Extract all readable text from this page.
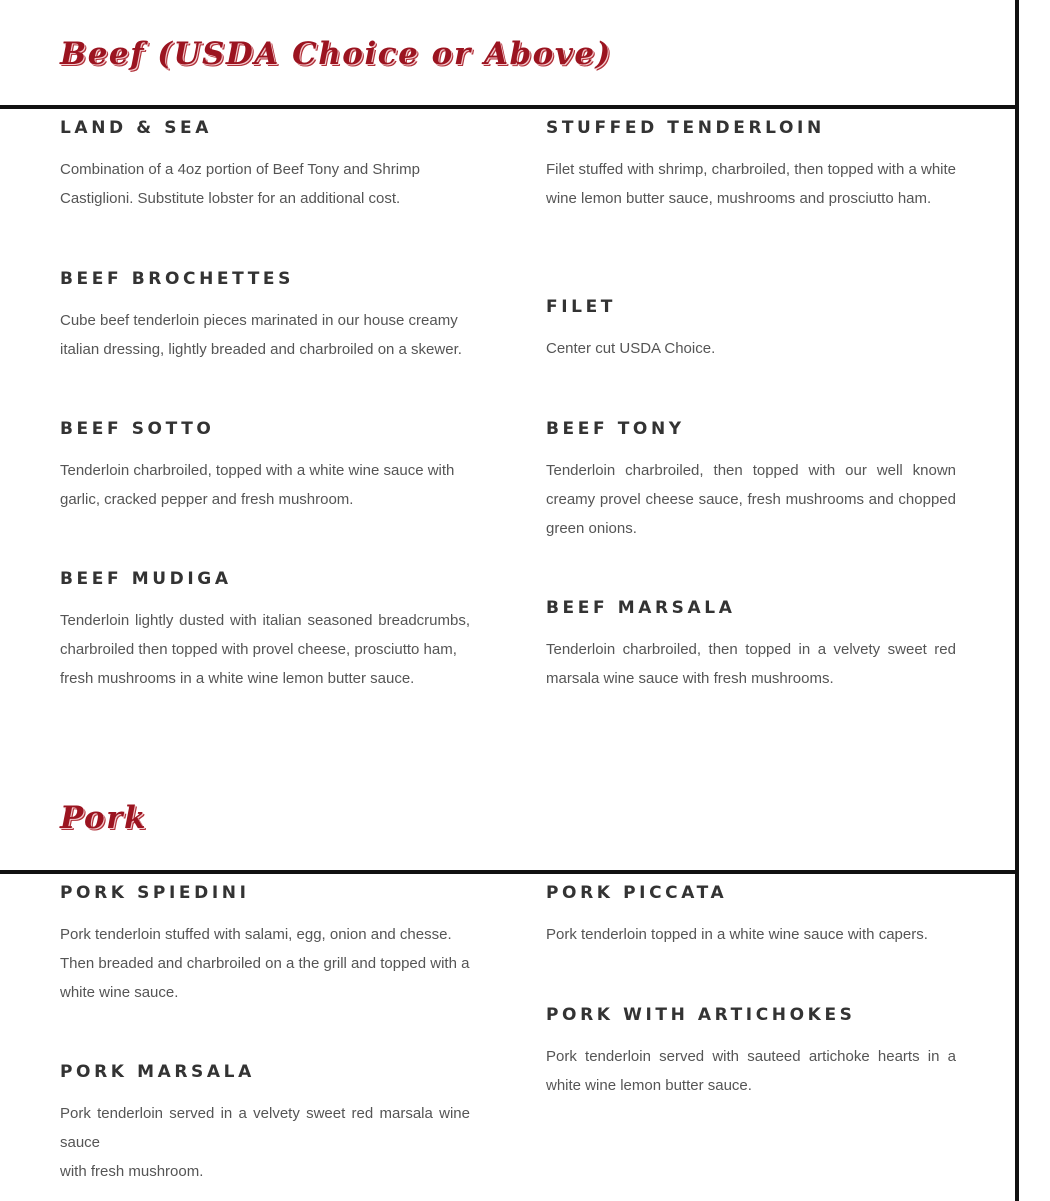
Beef (USDA Choice or Above)
LAND & SEA

Combination of a 4oz portion of Beef Tony and Shrimp Castiglioni. Substitute lobster for an additional cost.

STUFFED TENDERLOIN

Filet stuffed with shrimp, charbroiled, then topped with a white wine lemon butter sauce, mushrooms and prosciutto ham.

BEEF BROCHETTES

Cube beef tenderloin pieces marinated in our house creamy italian dressing, lightly breaded and charbroiled on a skewer.

FILET

Center cut USDA Choice.

BEEF SOTTO

Tenderloin charbroiled, topped with a white wine sauce with garlic, cracked pepper and fresh mushroom.

BEEF TONY

Tenderloin charbroiled, then topped with our well known creamy provel cheese sauce, fresh mushrooms and chopped green onions.

BEEF MUDIGA

Tenderloin lightly dusted with italian seasoned breadcrumbs,
charbroiled then topped with provel cheese, prosciutto ham, fresh mushrooms in a white wine lemon butter sauce.

BEEF MARSALA

Tenderloin charbroiled, then topped in a velvety sweet red marsala wine sauce with fresh mushrooms.

Pork
PORK SPIEDINI

Pork tenderloin stuffed with salami, egg, onion and chesse. Then breaded and charbroiled on a the grill and topped with a white wine sauce.

PORK PICCATA

Pork tenderloin topped in a white wine sauce with capers.

PORK WITH ARTICHOKES

Pork tenderloin served with sauteed artichoke hearts in a white wine lemon butter sauce.

PORK MARSALA

Pork tenderloin served in a velvety sweet red marsala wine sauce
with fresh mushroom.
